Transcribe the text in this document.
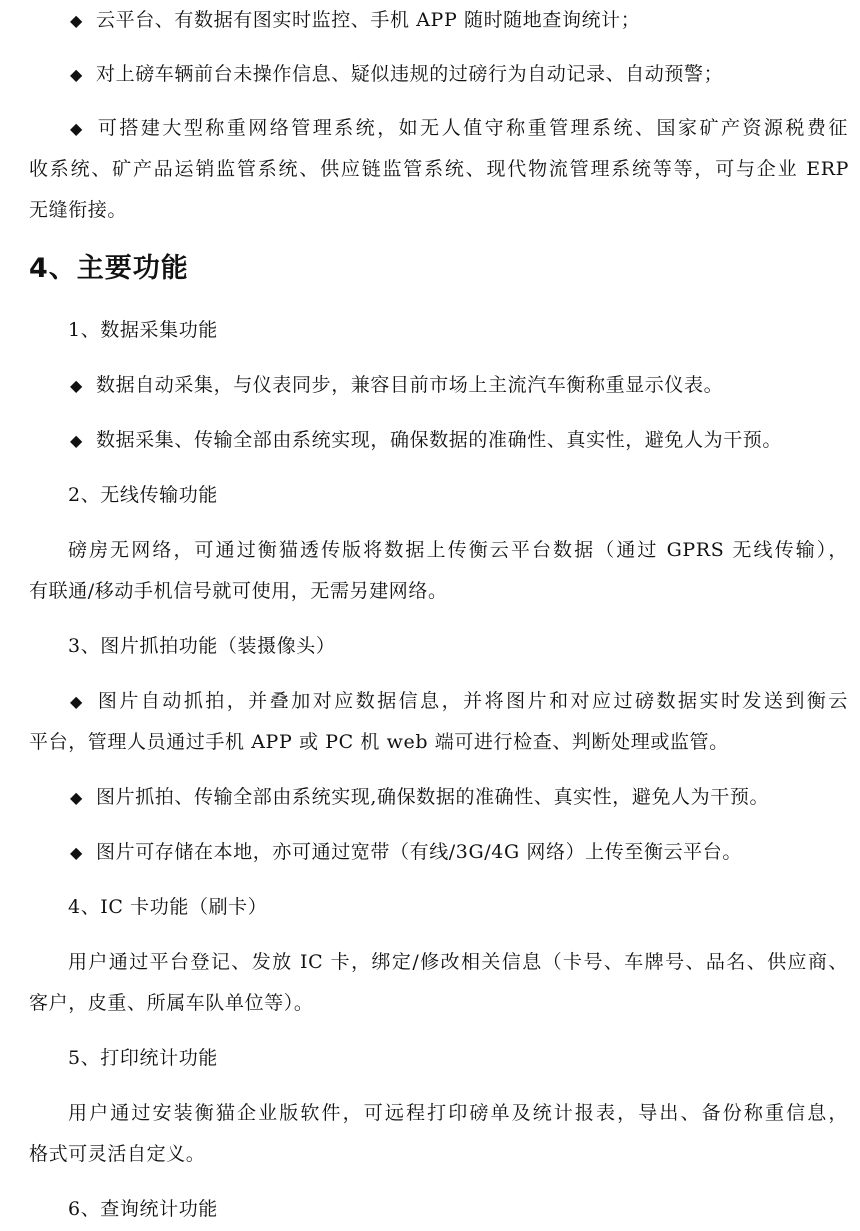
◆ 云平台、有数据有图实时监控、手机 APP 随时随地查询统计；
◆ 对上磅车辆前台未操作信息、疑似违规的过磅行为自动记录、自动预警；
◆ 可搭建大型称重网络管理系统，如无人值守称重管理系统、国家矿产资源税费征
收系统、矿产品运销监管系统、供应链监管系统、现代物流管理系统等等，可与企业 ERP
无缝衔接。
4、主要功能
1、数据采集功能
◆ 数据自动采集，与仪表同步，兼容目前市场上主流汽车衡称重显示仪表。
◆ 数据采集、传输全部由系统实现，确保数据的准确性、真实性，避免人为干预。
2、无线传输功能
磅房无网络，可通过衡猫透传版将数据上传衡云平台数据（通过 GPRS 无线传输），
有联通/移动手机信号就可使用，无需另建网络。
3、图片抓拍功能（装摄像头）
◆ 图片自动抓拍，并叠加对应数据信息，并将图片和对应过磅数据实时发送到衡云
平台，管理人员通过手机 APP 或 PC 机 web 端可进行检查、判断处理或监管。
◆ 图片抓拍、传输全部由系统实现,确保数据的准确性、真实性，避免人为干预。
◆ 图片可存储在本地，亦可通过宽带（有线/3G/4G 网络）上传至衡云平台。
4、IC 卡功能（刷卡）
用户通过平台登记、发放 IC 卡，绑定/修改相关信息（卡号、车牌号、品名、供应商、
客户，皮重、所属车队单位等）。
5、打印统计功能
用户通过安装衡猫企业版软件，可远程打印磅单及统计报表，导出、备份称重信息，
格式可灵活自定义。
6、查询统计功能
